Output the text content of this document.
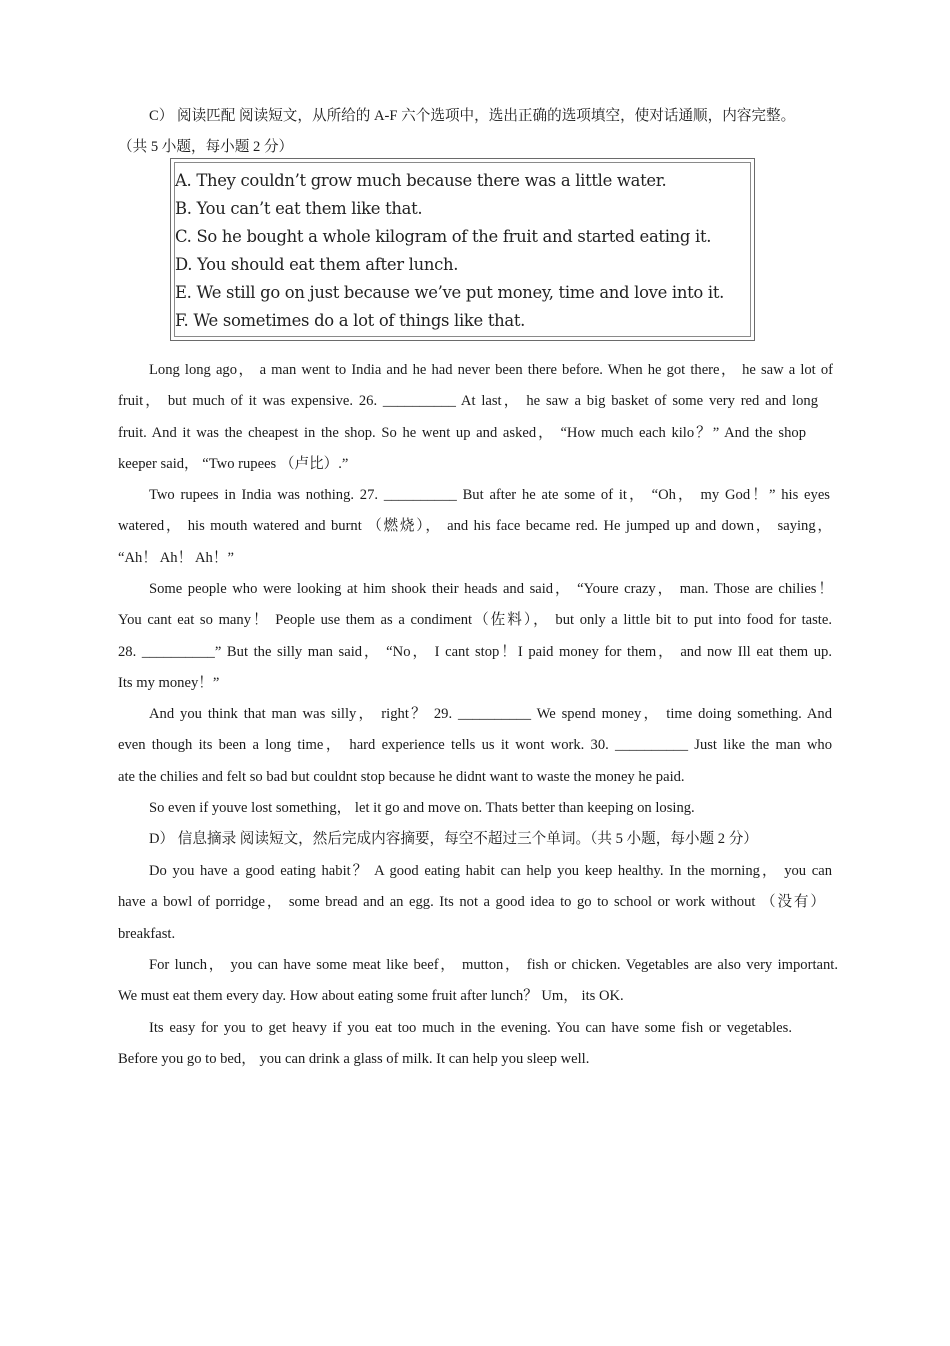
C） 阅读匹配 阅读短文，从所给的 A-F 六个选项中，选出正确的选项填空，使对话通顺，内容完整。
（共 5 小题，每小题 2 分）
A. They couldn’t grow much because there was a little water.
B. You can’t eat them like that.
C. So he bought a whole kilogram of the fruit and started eating it.
D. You should eat them after lunch.
E. We still go on just because we’ve put money, time and love into it.
F. We sometimes do a lot of things like that.
Long long ago， a man went to India and he had never been there before. When he got there， he saw a lot of
fruit， but much of it was expensive. 26. __________ At last， he saw a big basket of some very red and long
fruit. And it was the cheapest in the shop. So he went up and asked， “How much each kilo？” And the shop
keeper said， “Two rupees （卢比）.”
Two rupees in India was nothing. 27. __________ But after he ate some of it， “Oh， my God！” his eyes
watered， his mouth watered and burnt （燃烧）， and his face became red. He jumped up and down， saying，
“Ah！ Ah！ Ah！”
Some people who were looking at him shook their heads and said， “Youre crazy， man. Those are chilies！
You cant eat so many！ People use them as a condiment（佐料）， but only a little bit to put into food for taste.
28. __________” But the silly man said， “No， I cant stop！I paid money for them， and now Ill eat them up.
Its my money！”
And you think that man was silly， right？ 29. __________ We spend money， time doing something. And
even though its been a long time， hard experience tells us it wont work. 30. __________ Just like the man who
ate the chilies and felt so bad but couldnt stop because he didnt want to waste the money he paid.
So even if youve lost something， let it go and move on. Thats better than keeping on losing.
D） 信息摘录 阅读短文，然后完成内容摘要，每空不超过三个单词。（共 5 小题，每小题 2 分）
Do you have a good eating habit？ A good eating habit can help you keep healthy. In the morning， you can
have a bowl of porridge， some bread and an egg. Its not a good idea to go to school or work without （没有）
breakfast.
For lunch， you can have some meat like beef， mutton， fish or chicken. Vegetables are also very important.
We must eat them every day. How about eating some fruit after lunch？ Um， its OK.
Its easy for you to get heavy if you eat too much in the evening. You can have some fish or vegetables.
Before you go to bed， you can drink a glass of milk. It can help you sleep well.
